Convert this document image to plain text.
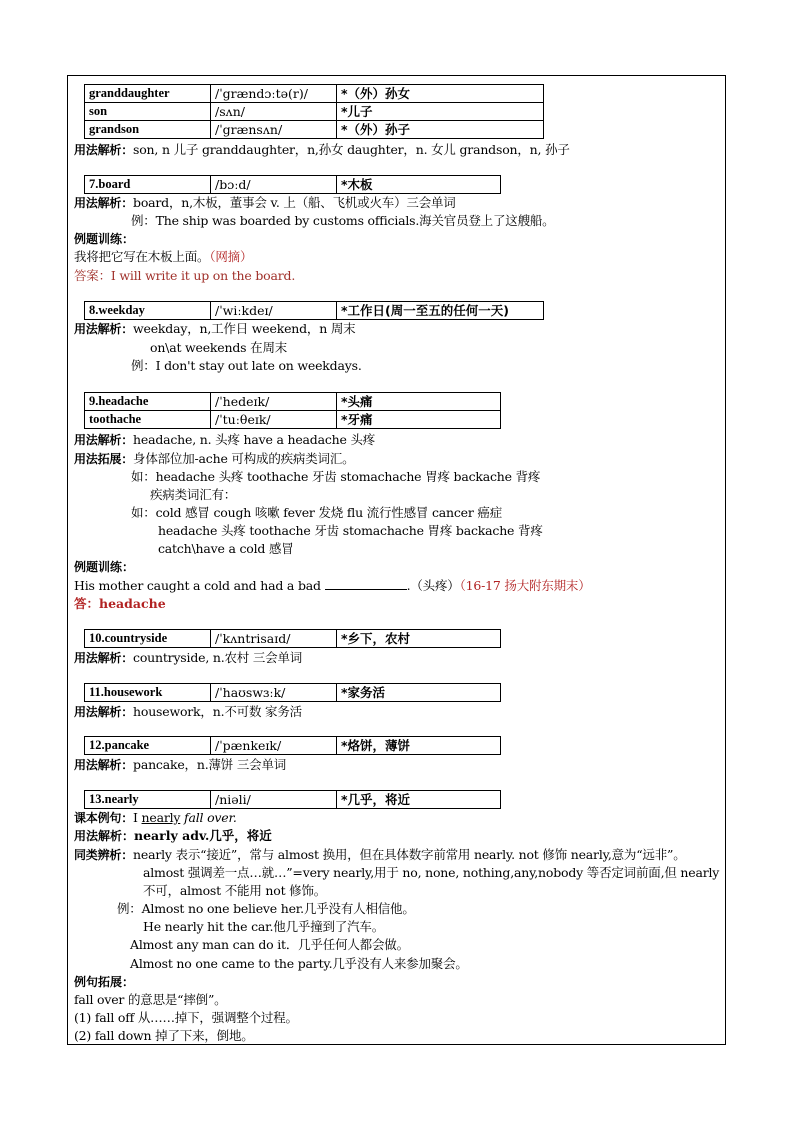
granddaughter	/ˈgrændɔːtə(r)/	*（外）孙女
son	/sʌn/	*儿子
grandson	/ˈgrænsʌn/	*（外）孙子
用法解析：son, n 儿子 granddaughter，n,孙女 daughter，n. 女儿 grandson，n, 孙子
7.board	/bɔːd/	*木板
用法解析：board，n,木板，董事会 v. 上（船、飞机或火车）三会单词
例：The ship was boarded by customs officials.海关官员登上了这艘船。
例题训练：
我将把它写在木板上面。（网摘）
答案：I will write it up on the board.
8.weekday	/ˈwiːkdeɪ/	*工作日(周一至五的任何一天)
用法解析：weekday，n,工作日 weekend，n 周末
on\at weekends 在周末
例：I don't stay out late on weekdays.
9.headache	/ˈhedeɪk/	*头痛
toothache	/ˈtuːθeɪk/	*牙痛
用法解析：headache, n. 头疼 have a headache 头疼
用法拓展：身体部位加-ache 可构成的疾病类词汇。
如：headache 头疼 toothache 牙齿 stomachache 胃疼 backache 背疼
疾病类词汇有：
如：cold 感冒 cough 咳嗽 fever 发烧 flu 流行性感冒 cancer 癌症
headache 头疼 toothache 牙齿 stomachache 胃疼 backache 背疼
catch\have a cold 感冒
例题训练：
His mother caught a cold and had a bad	.（头疼）（16-17 扬大附东期末）
答：headache
10.countryside	/ˈkʌntrisaɪd/	*乡下，农村
用法解析：countryside, n.农村 三会单词
11.housework	/ˈhaʊswɜːk/	*家务活
用法解析：housework，n.不可数 家务活
12.pancake	/ˈpænkeɪk/	*烙饼，薄饼
用法解析：pancake，n.薄饼 三会单词
13.nearly	/niəli/	*几乎，将近
课本例句：I nearly fall over.
用法解析：nearly adv.几乎，将近
同类辨析：nearly 表示“接近”，常与 almost 换用，但在具体数字前常用 nearly. not 修饰 nearly,意为“远非”。
almost 强调差一点…就…”=very nearly,用于 no, none, nothing,any,nobody 等否定词前面,但 nearly
不可，almost 不能用 not 修饰。
例：Almost no one believe her.几乎没有人相信他。
He nearly hit the car.他几乎撞到了汽车。
Almost any man can do it．几乎任何人都会做。
Almost no one came to the party.几乎没有人来参加聚会。
例句拓展：
fall over 的意思是“摔倒”。
(1) fall off 从……掉下，强调整个过程。
(2) fall down 掉了下来，倒地。
